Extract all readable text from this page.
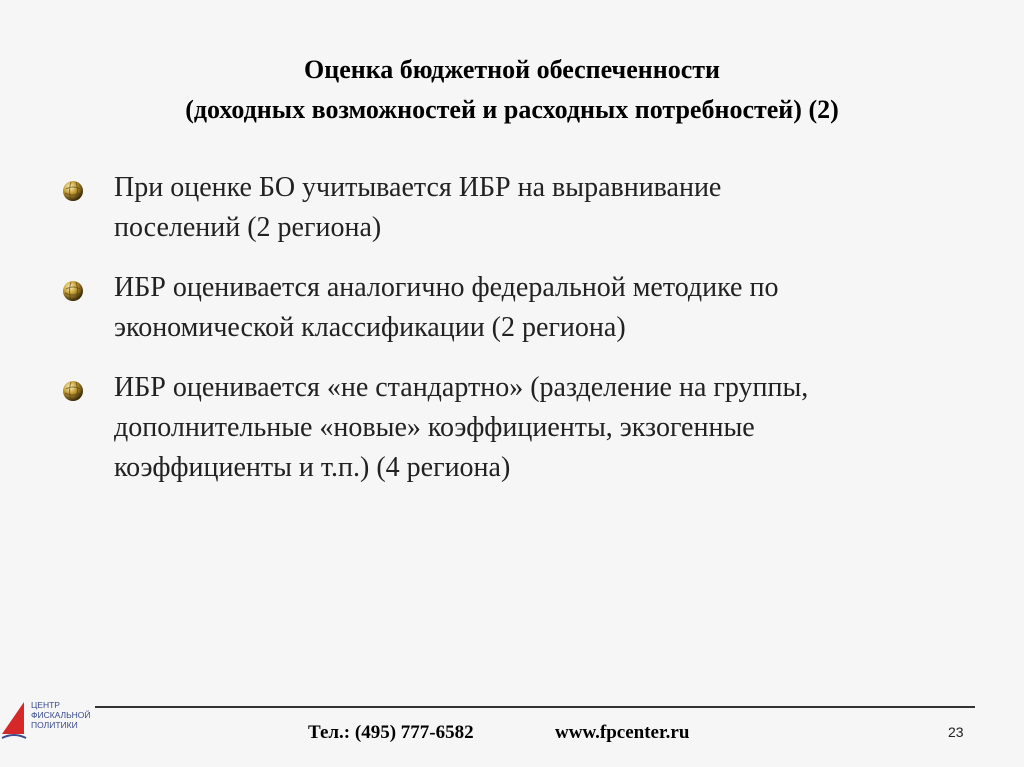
Оценка бюджетной обеспеченности
(доходных возможностей и расходных потребностей) (2)
При оценке БО учитывается ИБР на выравнивание
поселений (2 региона)
ИБР оценивается аналогично федеральной методике по
экономической классификации (2 региона)
ИБР оценивается «не стандартно» (разделение на группы,
дополнительные «новые» коэффициенты, экзогенные
коэффициенты и т.п.) (4 региона)
ЦЕНТР
ФИСКАЛЬНОЙ
ПОЛИТИКИ	Тел.: (495) 777-6582	www.fpcenter.ru	23
